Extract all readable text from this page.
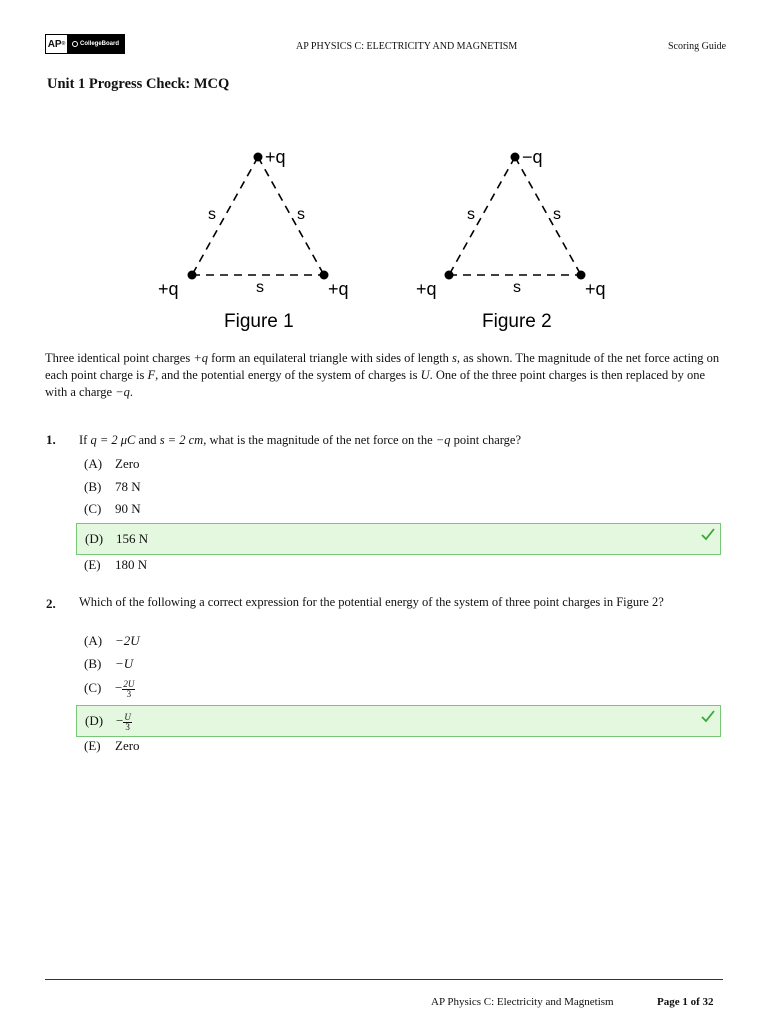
AP ® CollegeBoard	AP PHYSICS C: ELECTRICITY AND MAGNETISM	Scoring Guide
Unit 1 Progress Check: MCQ
+q
+q	+q
s	s
s
Figure 1
−q
+q	+q
s	s
s
Figure 2
Three identical point charges +q form an equilateral triangle with sides of length s, as shown. The magnitude of the net force acting on each point charge is F, and the potential energy of the system of charges is U. One of the three point charges is then replaced by one with a charge −q.
1. If q = 2 μC and s = 2 cm, what is the magnitude of the net force on the −q point charge?
(A) Zero
(B) 78 N
(C) 90 N
(D) 156 N
(E) 180 N
2. Which of the following a correct expression for the potential energy of the system of three point charges in Figure 2?
(A) −2U
(B) −U
$(C) - \frac{2U}{3}$
$(D) - \frac{U}{3}$
(E) Zero
AP Physics C: Electricity and Magnetism	Page 1 of 32
